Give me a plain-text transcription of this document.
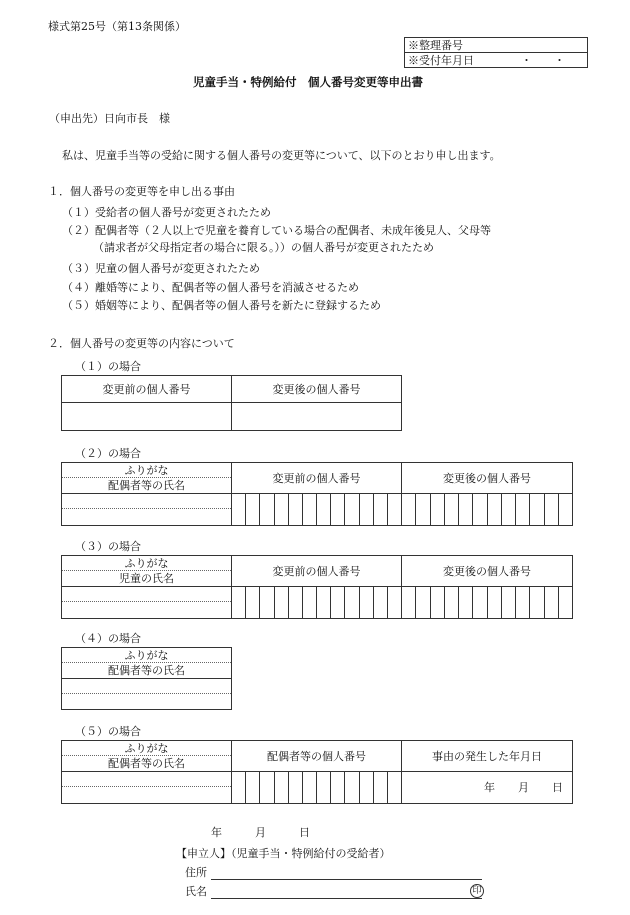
様式第25号（第13条関係）
※整理番号
※受付年月日	・　　・
児童手当・特例給付　個人番号変更等申出書
（申出先）日向市長　様
私は、児童手当等の受給に関する個人番号の変更等について、以下のとおり申し出ます。
１．個人番号の変更等を申し出る事由
（１）受給者の個人番号が変更されたため
（２）配偶者等（２人以上で児童を養育している場合の配偶者、未成年後見人、父母等
（請求者が父母指定者の場合に限る。））の個人番号が変更されたため
（３）児童の個人番号が変更されたため
（４）離婚等により、配偶者等の個人番号を消滅させるため
（５）婚姻等により、配偶者等の個人番号を新たに登録するため
２．個人番号の変更等の内容について
（１）の場合
変更前の個人番号	変更後の個人番号

（２）の場合
ふりがな	変更前の個人番号	変更後の個人番号
配偶者等の氏名		

（３）の場合
ふりがな	変更前の個人番号	変更後の個人番号
児童の氏名		

（４）の場合
ふりがな
配偶者等の氏名

（５）の場合
ふりがな	配偶者等の個人番号	事由の発生した年月日
配偶者等の氏名		

		年 月 日

年　　　月　　　日
【申立人】（児童手当・特例給付の受給者）
住所
氏名	印
